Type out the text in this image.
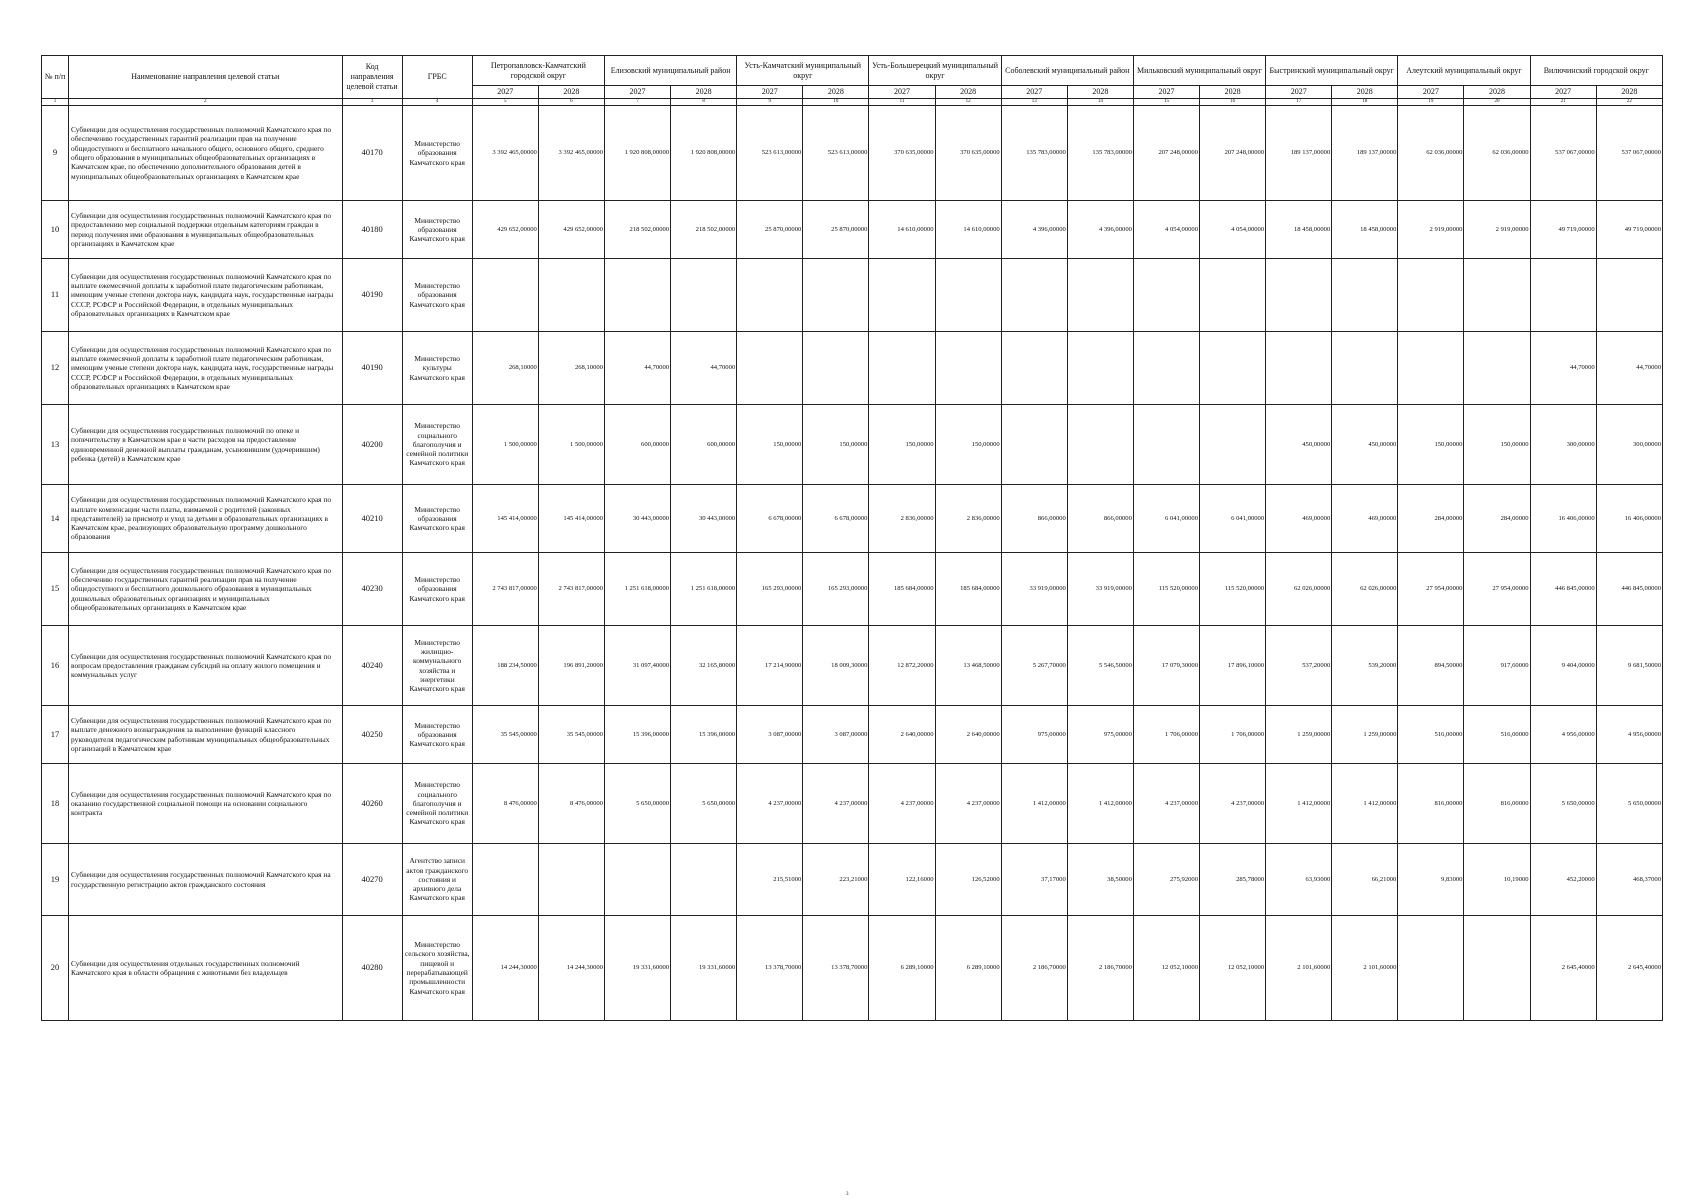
№ п/п	Наименование направления целевой статьи	Код направления целевой статьи	ГРБС	Петропавловск-Камчатский городской округ		Елизовский муниципальный район		Усть-Камчатский муниципальный округ		Усть-Большерецкий муниципальный округ		Соболевский муниципальный район		Мильковский муниципальный округ		Быстринский муниципальный округ		Алеутский муниципальный округ		Вилючинский городской округ	
				2027	2028	2027	2028	2027	2028	2027	2028	2027	2028	2027	2028	2027	2028	2027	2028	2027	2028
1	2	3	4	5	6	7	8	9	10	11	12	13	14	15	16	17	18	19	20	21	22
9	Субвенции для осуществления государственных полномочий Камчатского края по обеспечению государственных гарантий реализации прав на получение общедоступного и бесплатного начального общего, основного общего, среднего общего образования в муниципальных общеобразовательных организациях в Камчатском крае, по обеспечению дополнительного образования детей в муниципальных общеобразовательных организациях в Камчатском крае	40170	Министерство образования Камчатского края	3 392 465,00000	3 392 465,00000	1 920 808,00000	1 920 808,00000	523 613,00000	523 613,00000	370 635,00000	370 635,00000	135 783,00000	135 783,00000	207 248,00000	207 248,00000	189 137,00000	189 137,00000	62 036,00000	62 036,00000	537 067,00000	537 067,00000
10	Субвенции для осуществления государственных полномочий Камчатского края по предоставлению мер социальной поддержки отдельным категориям граждан в период получения ими образования в муниципальных общеобразовательных организациях в Камчатском крае	40180	Министерство образования Камчатского края	429 652,00000	429 652,00000	218 502,00000	218 502,00000	25 870,00000	25 870,00000	14 610,00000	14 610,00000	4 396,00000	4 396,00000	4 054,00000	4 054,00000	18 458,00000	18 458,00000	2 919,00000	2 919,00000	49 719,00000	49 719,00000
11	Субвенции для осуществления государственных полномочий Камчатского края по выплате ежемесячной доплаты к заработной плате педагогическим работникам, имеющим ученые степени доктора наук, кандидата наук, государственные награды СССР, РСФСР и Российской Федерации, в отдельных муниципальных образовательных организациях в Камчатском крае	40190	Министерство образования Камчатского края																		
12	Субвенции для осуществления государственных полномочий Камчатского края по выплате ежемесячной доплаты к заработной плате педагогическим работникам, имеющим ученые степени доктора наук, кандидата наук, государственные награды СССР, РСФСР и Российской Федерации, в отдельных муниципальных образовательных организациях в Камчатском крае	40190	Министерство культуры Камчатского края	268,10000	268,10000	44,70000	44,70000													44,70000	44,70000
13	Субвенции для осуществления государственных полномочий по опеке и попечительству в Камчатском крае в части расходов на предоставление единовременной денежной выплаты гражданам, усыновившим (удочерившим) ребенка (детей) в Камчатском крае	40200	Министерство социального благополучия и семейной политики Камчатского края	1 500,00000	1 500,00000	600,00000	600,00000	150,00000	150,00000	150,00000	150,00000					450,00000	450,00000	150,00000	150,00000	300,00000	300,00000
14	Субвенции для осуществления государственных полномочий Камчатского края по выплате компенсации части платы, взимаемой с родителей (законных представителей) за присмотр и уход за детьми в образовательных организациях в Камчатском крае, реализующих образовательную программу дошкольного образования	40210	Министерство образования Камчатского края	145 414,00000	145 414,00000	30 443,00000	30 443,00000	6 678,00000	6 678,00000	2 836,00000	2 836,00000	866,00000	866,00000	6 041,00000	6 041,00000	469,00000	469,00000	284,00000	284,00000	16 406,00000	16 406,00000
15	Субвенции для осуществления государственных полномочий Камчатского края по обеспечению государственных гарантий реализации прав на получение общедоступного и бесплатного дошкольного образования в муниципальных дошкольных образовательных организациях и муниципальных общеобразовательных организациях в Камчатском крае	40230	Министерство образования Камчатского края	2 743 817,00000	2 743 817,00000	1 251 618,00000	1 251 618,00000	165 293,00000	165 293,00000	185 684,00000	185 684,00000	33 919,00000	33 919,00000	115 520,00000	115 520,00000	62 026,00000	62 026,00000	27 954,00000	27 954,00000	446 845,00000	446 845,00000
16	Субвенции для осуществления государственных полномочий Камчатского края по вопросам предоставления гражданам субсидий на оплату жилого помещения и коммунальных услуг	40240	Министерство жилищно-коммунального хозяйства и энергетики Камчатского края	188 234,50000	196 891,20000	31 097,40000	32 165,80000	17 214,90000	18 009,30000	12 872,20000	13 468,50000	5 267,70000	5 546,50000	17 079,30000	17 896,10000	537,20000	539,20000	894,50000	917,60000	9 404,00000	9 681,50000
17	Субвенции для осуществления государственных полномочий Камчатского края по выплате денежного вознаграждения за выполнение функций классного руководителя педагогическим работникам муниципальных общеобразовательных организаций в Камчатском крае	40250	Министерство образования Камчатского края	35 545,00000	35 545,00000	15 396,00000	15 396,00000	3 087,00000	3 087,00000	2 640,00000	2 640,00000	975,00000	975,00000	1 706,00000	1 706,00000	1 259,00000	1 259,00000	516,00000	516,00000	4 956,00000	4 956,00000
18	Субвенции для осуществления государственных полномочий Камчатского края по оказанию государственной социальной помощи на основании социального контракта	40260	Министерство социального благополучия и семейной политики Камчатского края	8 476,00000	8 476,00000	5 650,00000	5 650,00000	4 237,00000	4 237,00000	4 237,00000	4 237,00000	1 412,00000	1 412,00000	4 237,00000	4 237,00000	1 412,00000	1 412,00000	816,00000	816,00000	5 650,00000	5 650,00000
19	Субвенции для осуществления государственных полномочий Камчатского края на государственную регистрацию актов гражданского состояния	40270	Агентство записи актов гражданского состояния и архивного дела Камчатского края					215,51000	223,21000	122,16000	126,52000	37,17000	38,50000	275,92000	285,78000	63,93000	66,21000	9,83000	10,19000	452,20000	468,37000
20	Субвенции для осуществления отдельных государственных полномочий Камчатского края в области обращения с животными без владельцев	40280	Министерство сельского хозяйства, пищевой и перерабатывающей промышленности Камчатского края	14 244,30000	14 244,30000	19 331,60000	19 331,60000	13 378,70000	13 378,70000	6 289,10000	6 289,10000	2 186,70000	2 186,70000	12 052,10000	12 052,10000	2 101,60000	2 101,60000			2 645,40000	2 645,40000
3
